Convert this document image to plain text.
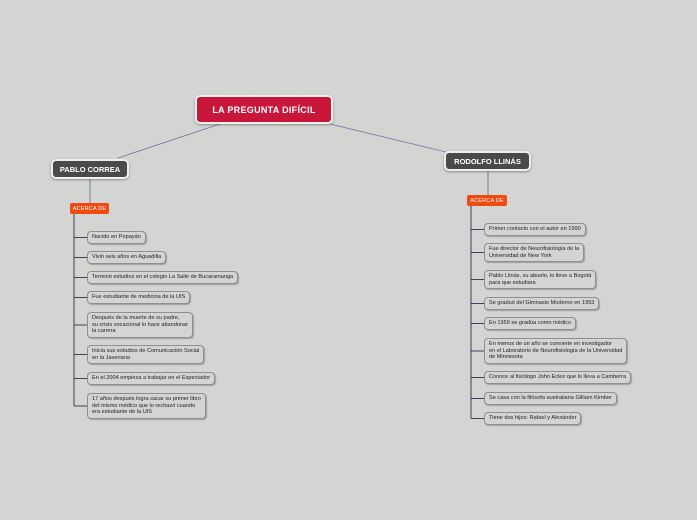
LA PREGUNTA DIFÍCIL
PABLO CORREA
ACERCA DE
RODOLFO LLINÁS
ACERCA DE
Nacido en Popayán
Vivió seis años en Aguadilla
Terminó estudios en el colegio La Salle de Bucaramanga
Fue estudiante de medicina de la UIS
Después de la muerte de su padre,
su crisis vocacional lo hace abandonar
la carrera
Inicia sus estudios de Comunicación Social
en la Javeriana
En el 2004 empieza a trabajar en el Espectador
17 años después logra sacar su primer libro
del mismo médico que lo rechazó cuando
era estudiante de la UIS
Primer contacto con el autor en 1990
Fue director de Neurofisiología de la
Universidad de New York
Pablo Llinás, su abuelo, lo llevo a Bogotá
para que estudiara
Se graduó del Gimnasio Moderno en 1953
En 1959 se gradúa como médico
En menos de un año se convierte en investigador
en el Laboratorio de Neurofisiología de la Universidad
de Minnesota
Conoce al fisiólogo John Eclex que lo lleva a Camberra
Se casa con la filósofa australiana Gilliam Kimber
Tiene dos hijos: Rafael y Alexánder
